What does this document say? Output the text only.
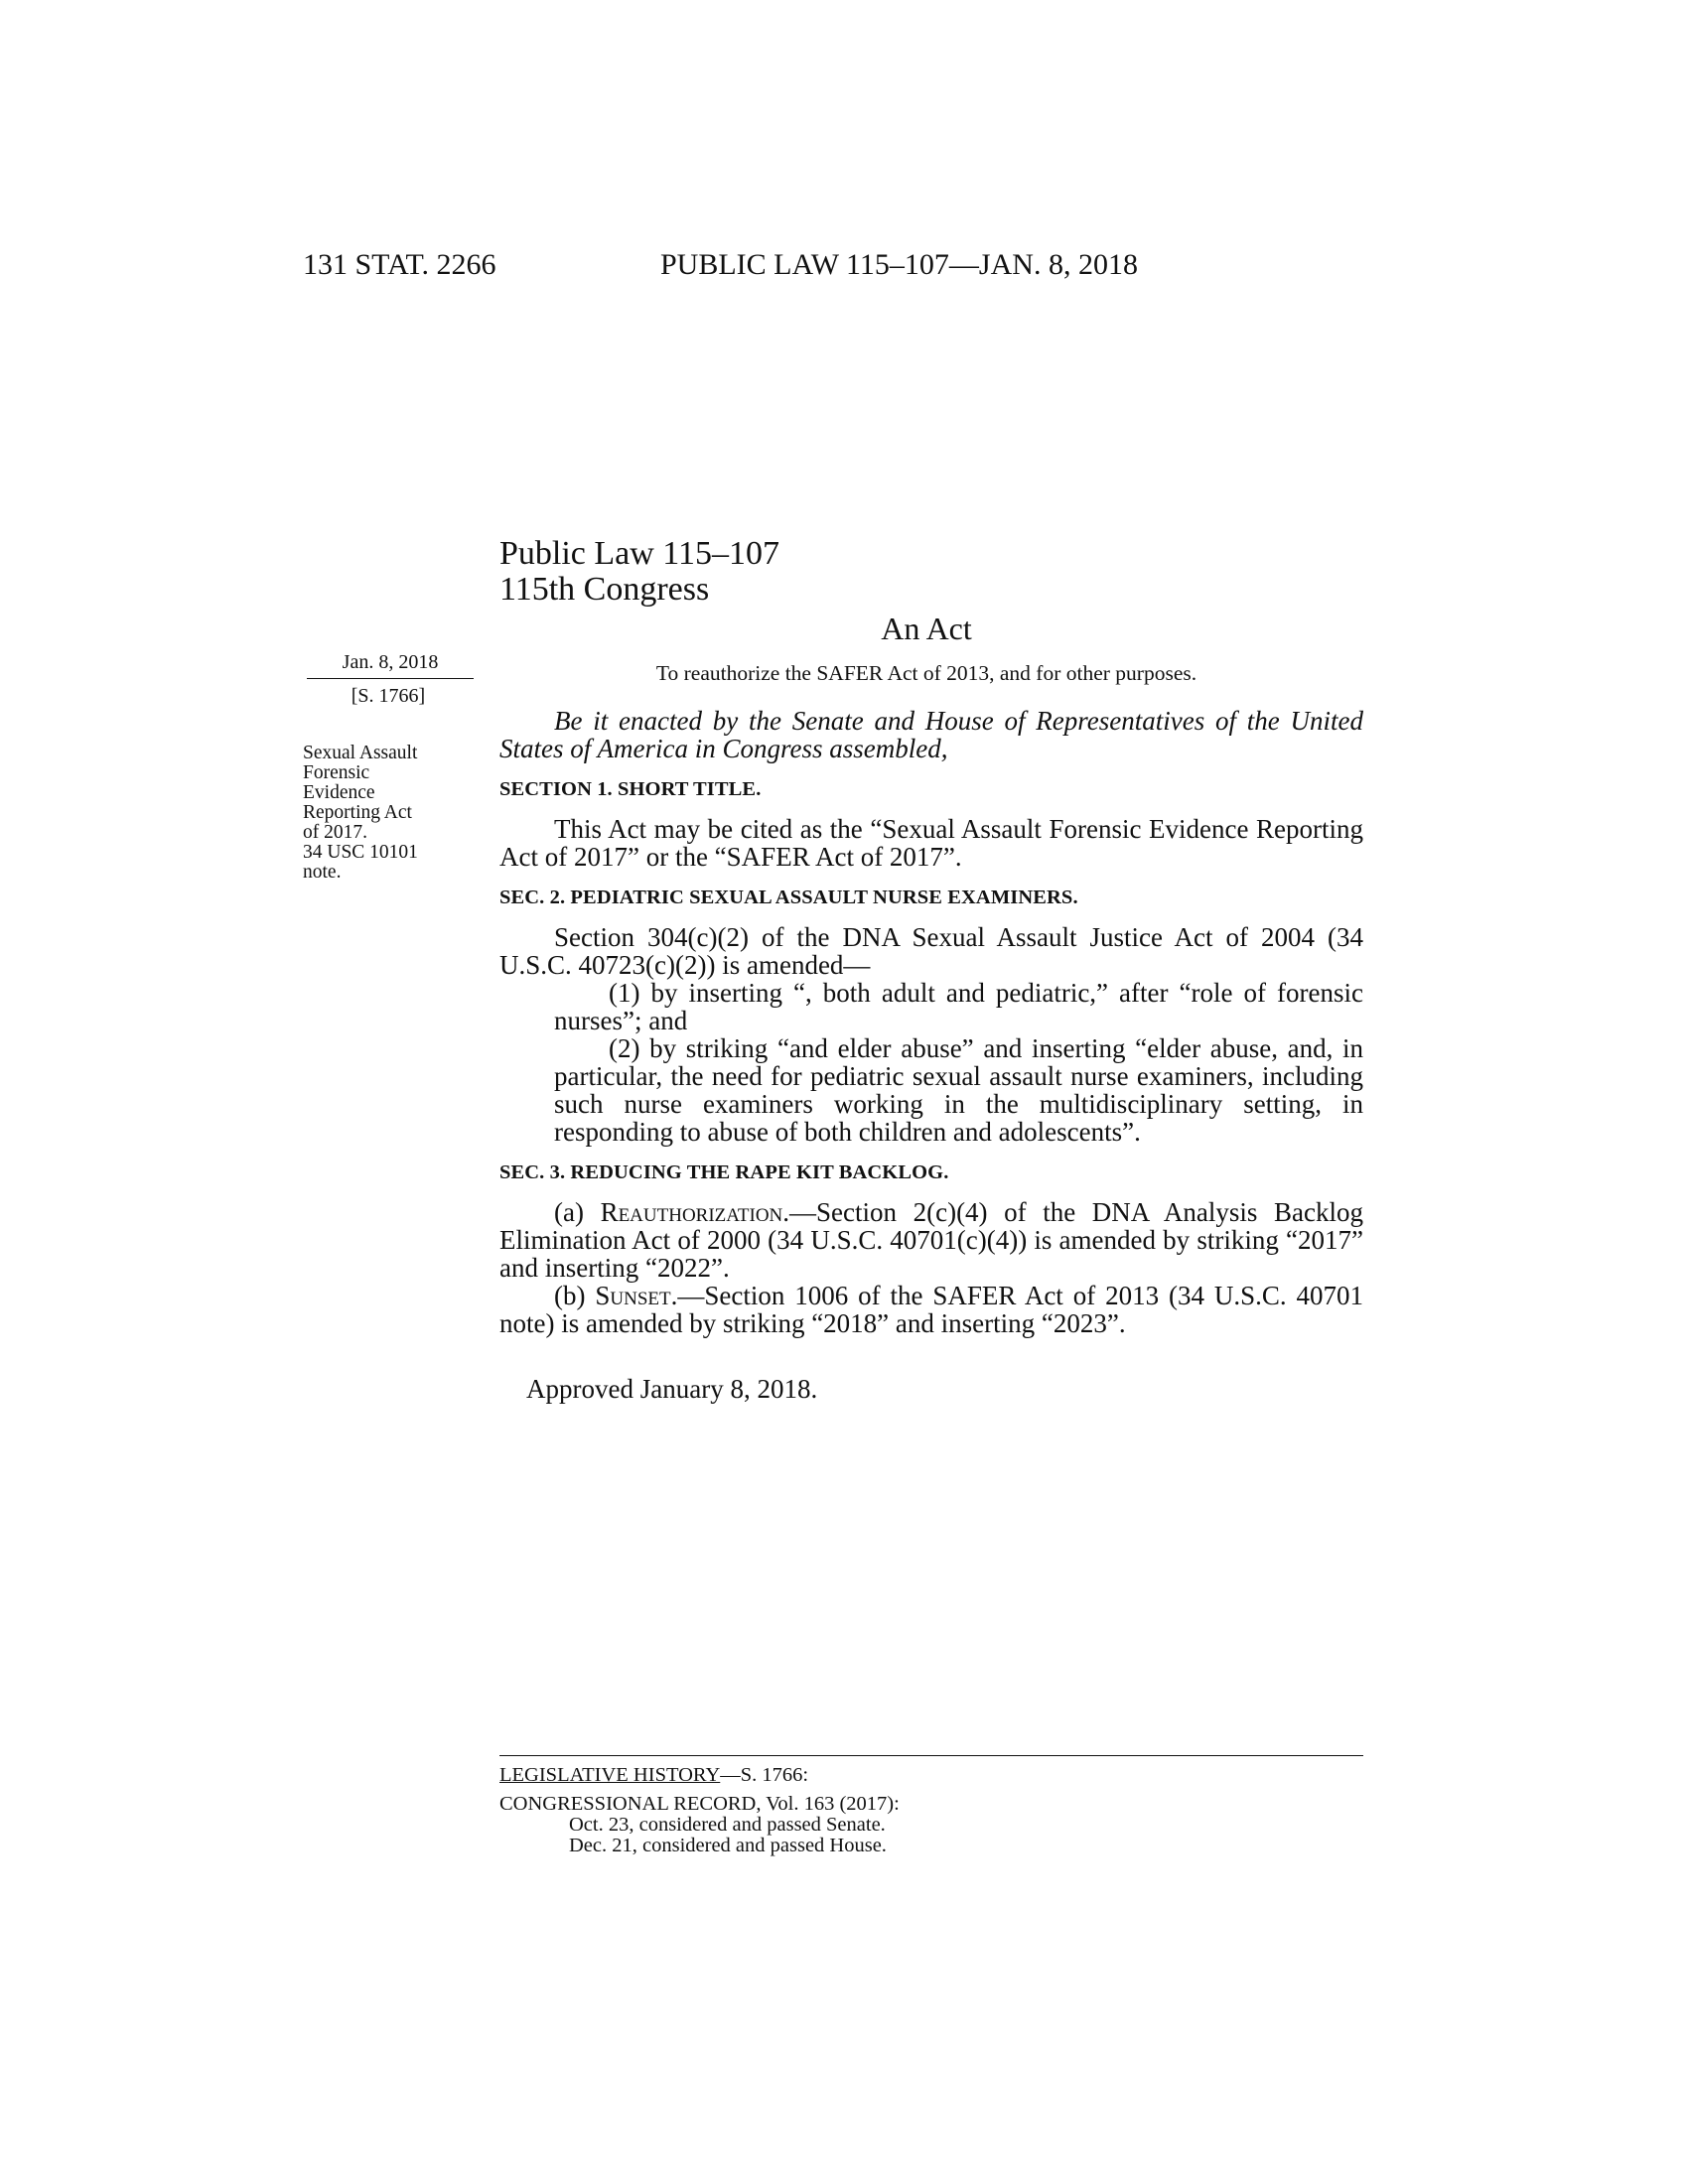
131 STAT. 2266	PUBLIC LAW 115–107—JAN. 8, 2018
Public Law 115–107
115th Congress
An Act
To reauthorize the SAFER Act of 2013, and for other purposes.
Jan. 8, 2018
[S. 1766]
Sexual Assault
Forensic
Evidence
Reporting Act
of 2017.
34 USC 10101
note.

Be it enacted by the Senate and House of Representatives of the United States of America in Congress assembled,

SECTION 1. SHORT TITLE.

This Act may be cited as the “Sexual Assault Forensic Evidence Reporting Act of 2017” or the “SAFER Act of 2017”.

SEC. 2. PEDIATRIC SEXUAL ASSAULT NURSE EXAMINERS.

Section 304(c)(2) of the DNA Sexual Assault Justice Act of 2004 (34 U.S.C. 40723(c)(2)) is amended—

(1) by inserting “, both adult and pediatric,” after “role of forensic nurses”; and

(2) by striking “and elder abuse” and inserting “elder abuse, and, in particular, the need for pediatric sexual assault nurse examiners, including such nurse examiners working in the multidisciplinary setting, in responding to abuse of both children and adolescents”.

SEC. 3. REDUCING THE RAPE KIT BACKLOG.

(a) Reauthorization.—Section 2(c)(4) of the DNA Analysis Backlog Elimination Act of 2000 (34 U.S.C. 40701(c)(4)) is amended by striking “2017” and inserting “2022”.

(b) Sunset.—Section 1006 of the SAFER Act of 2013 (34 U.S.C. 40701 note) is amended by striking “2018” and inserting “2023”.

Approved January 8, 2018.
LEGISLATIVE HISTORY—S. 1766:
CONGRESSIONAL RECORD, Vol. 163 (2017):
Oct. 23, considered and passed Senate.
Dec. 21, considered and passed House.
